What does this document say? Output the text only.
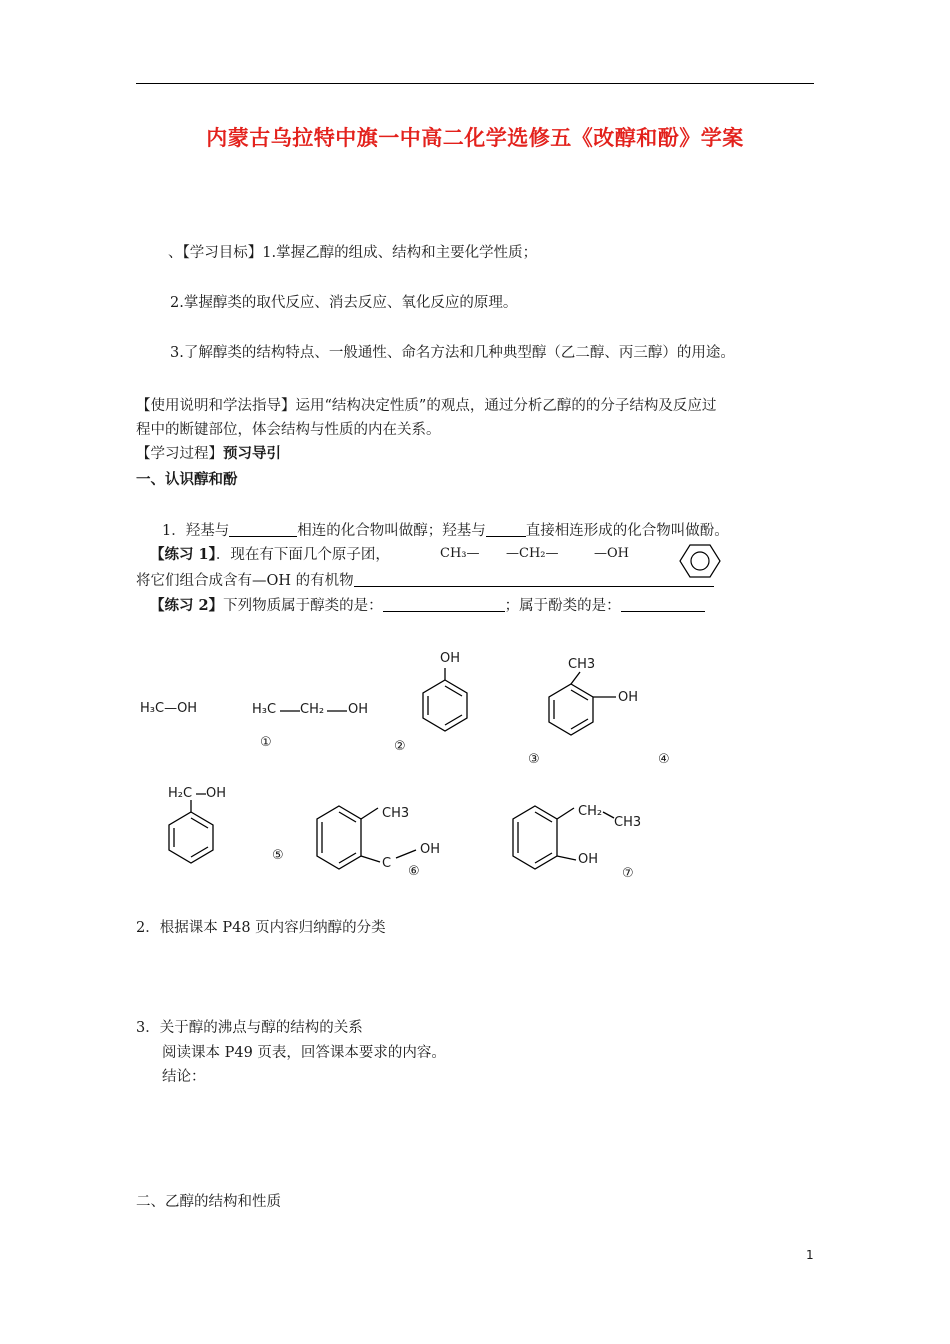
内蒙古乌拉特中旗一中高二化学选修五《改醇和酚》学案
、【学习目标】1.掌握乙醇的组成、结构和主要化学性质；
2.掌握醇类的取代反应、消去反应、氧化反应的原理。
3.了解醇类的结构特点、一般通性、命名方法和几种典型醇（乙二醇、丙三醇）的用途。
【使用说明和学法指导】运用“结构决定性质”的观点，通过分析乙醇的的分子结构及反应过
程中的断键部位，体会结构与性质的内在关系。
【学习过程】预习导引
一、认识醇和酚
1．羟基与	相连的化合物叫做醇；羟基与	直接相连形成的化合物叫做酚。
【练习 1】．现在有下面几个原子团，	CH₃— —CH₂—	—OH
将它们组合成含有—OH 的有机物
【练习 2】下列物质属于醇类的是：	；属于酚类的是：
H₃C—OH	H₃C CH₂ OH
OH	CH3
OH
①	②
③	④
H₂C OH
CH3
C
OH
CH₂
CH3
OH
⑤
⑥	⑦
2．根据课本 P48 页内容归纳醇的分类
3．关于醇的沸点与醇的结构的关系
阅读课本 P49 页表，回答课本要求的内容。
结论：
二、乙醇的结构和性质
1
